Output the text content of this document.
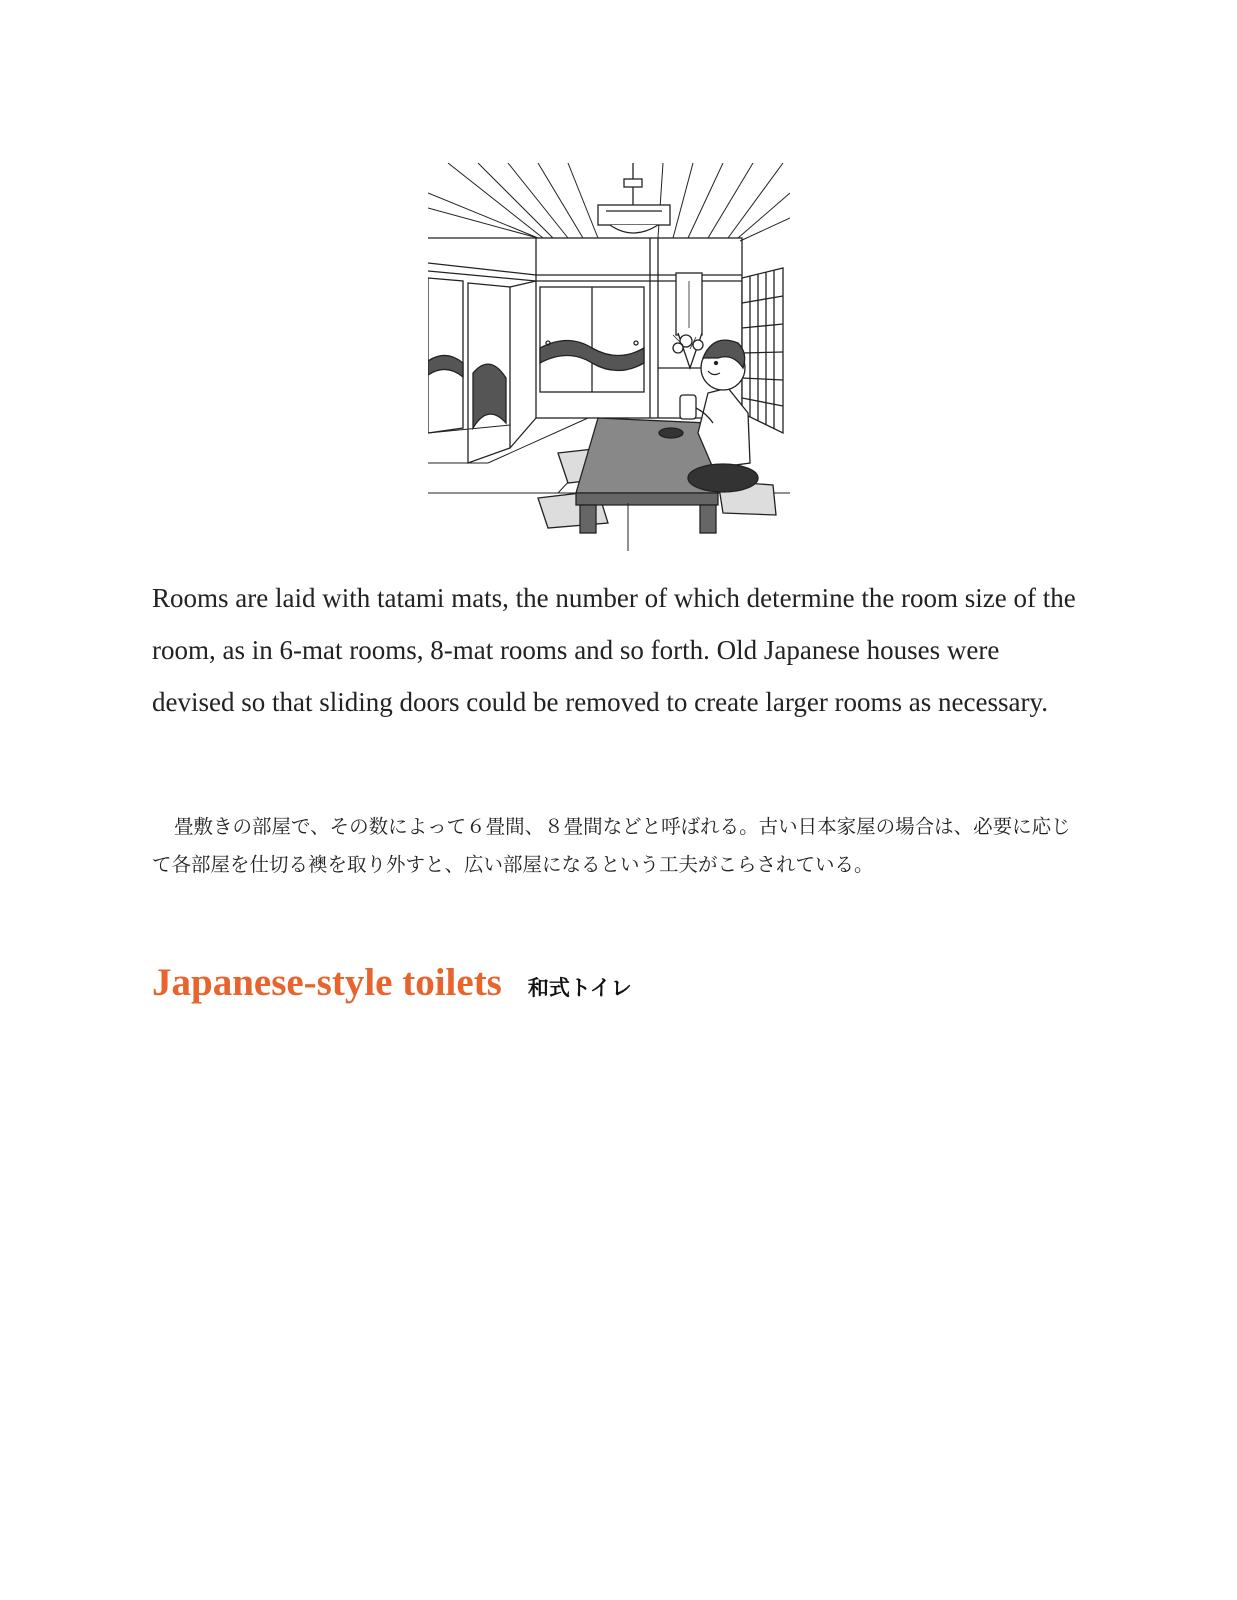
Rooms are laid with tatami mats, the number of which determine the room size of the room, as in 6-mat rooms, 8-mat rooms and so forth. Old Japanese houses were devised so that sliding doors could be removed to create larger rooms as necessary.

畳敷きの部屋で、その数によって６畳間、８畳間などと呼ばれる。古い日本家屋の場合は、必要に応じて各部屋を仕切る襖を取り外すと、広い部屋になるという工夫がこらされている。

Japanese-style toilets 和式トイレ
